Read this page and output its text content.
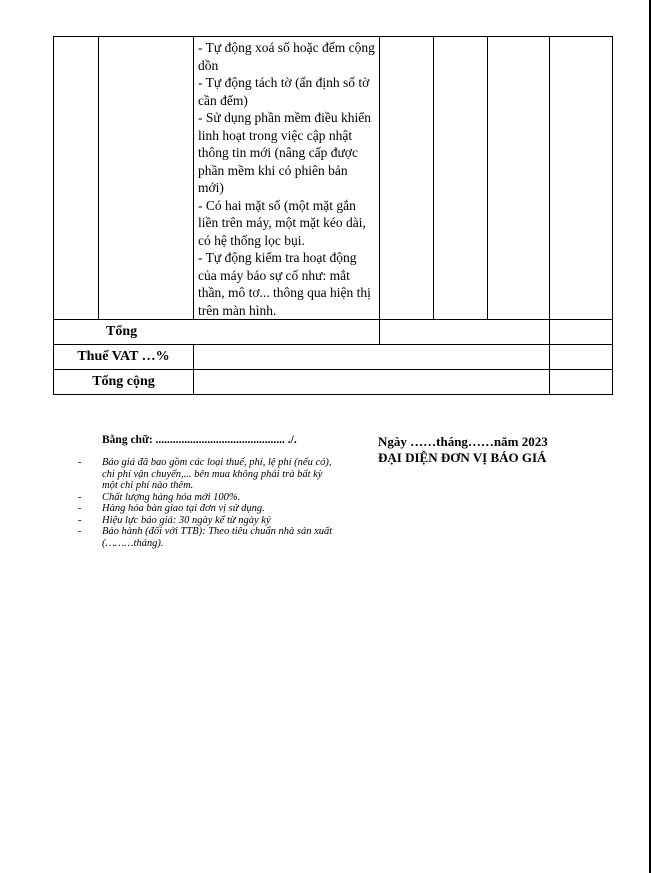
		- Tự động xoá số hoặc đếm cộng dồn
- Tự động tách tờ (ấn định số tờ cần đếm)
- Sử dụng phần mềm điều khiển linh hoạt trong việc cập nhật thông tin mới (nâng cấp được phần mềm khi có phiên bản mới)
- Có hai mặt số (một mặt gắn liền trên máy, một mặt kéo dài, có hệ thống lọc bụi.
- Tự động kiểm tra hoạt động của máy báo sự cố như: mắt thần, mô tơ... thông qua hiện thị trên màn hình.				

Tổng						
Thuế VAT …%						
Tổng cộng						
Bằng chữ: ............................................. ./.
- Báo giá đã bao gồm các loại thuế, phí, lệ phí (nếu có), chi phí vận chuyển,... bên mua không phải trả bất kỳ một chi phí nào thêm.
- Chất lượng hàng hóa mới 100%.
- Hàng hóa bàn giao tại đơn vị sử dụng.
- Hiệu lực báo giá: 30 ngày kể từ ngày ký
- Bảo hành (đối với TTB): Theo tiêu chuẩn nhà sản xuất (………tháng).
Ngày ……tháng……năm 2023
ĐẠI DIỆN ĐƠN VỊ BÁO GIÁ
